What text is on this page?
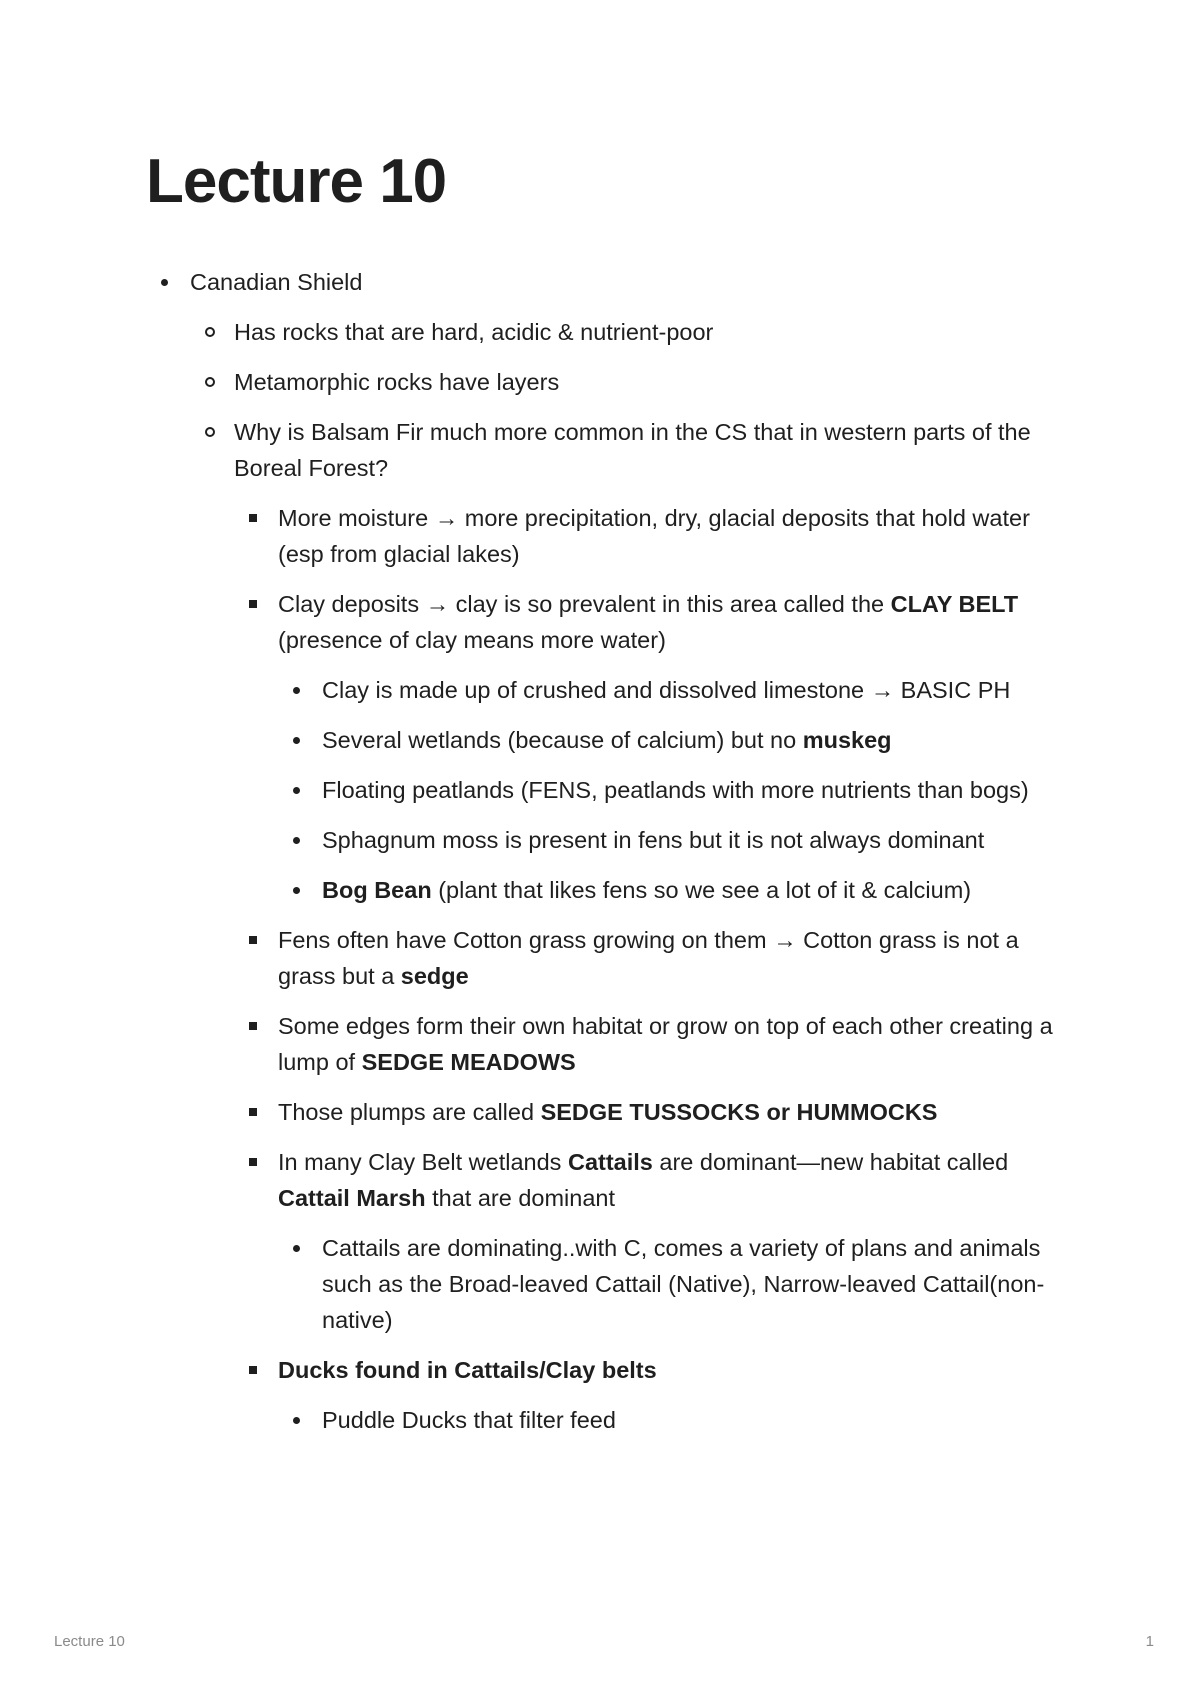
Lecture 10
Canadian Shield
Has rocks that are hard, acidic & nutrient-poor
Metamorphic rocks have layers
Why is Balsam Fir much more common in the CS that in western parts of the Boreal Forest?
More moisture → more precipitation, dry, glacial deposits that hold water (esp from glacial lakes)
Clay deposits → clay is so prevalent in this area called the CLAY BELT (presence of clay means more water)
Clay is made up of crushed and dissolved limestone → BASIC PH
Several wetlands (because of calcium) but no muskeg
Floating peatlands (FENS, peatlands with more nutrients than bogs)
Sphagnum moss is present in fens but it is not always dominant
Bog Bean (plant that likes fens so we see a lot of it & calcium)
Fens often have Cotton grass growing on them → Cotton grass is not a grass but a sedge
Some edges form their own habitat or grow on top of each other creating a lump of SEDGE MEADOWS
Those plumps are called SEDGE TUSSOCKS or HUMMOCKS
In many Clay Belt wetlands Cattails are dominant—new habitat called Cattail Marsh that are dominant
Cattails are dominating..with C, comes a variety of plans and animals such as the Broad-leaved Cattail (Native), Narrow-leaved Cattail(non-native)
Ducks found in Cattails/Clay belts
Puddle Ducks that filter feed
Lecture 10	1
